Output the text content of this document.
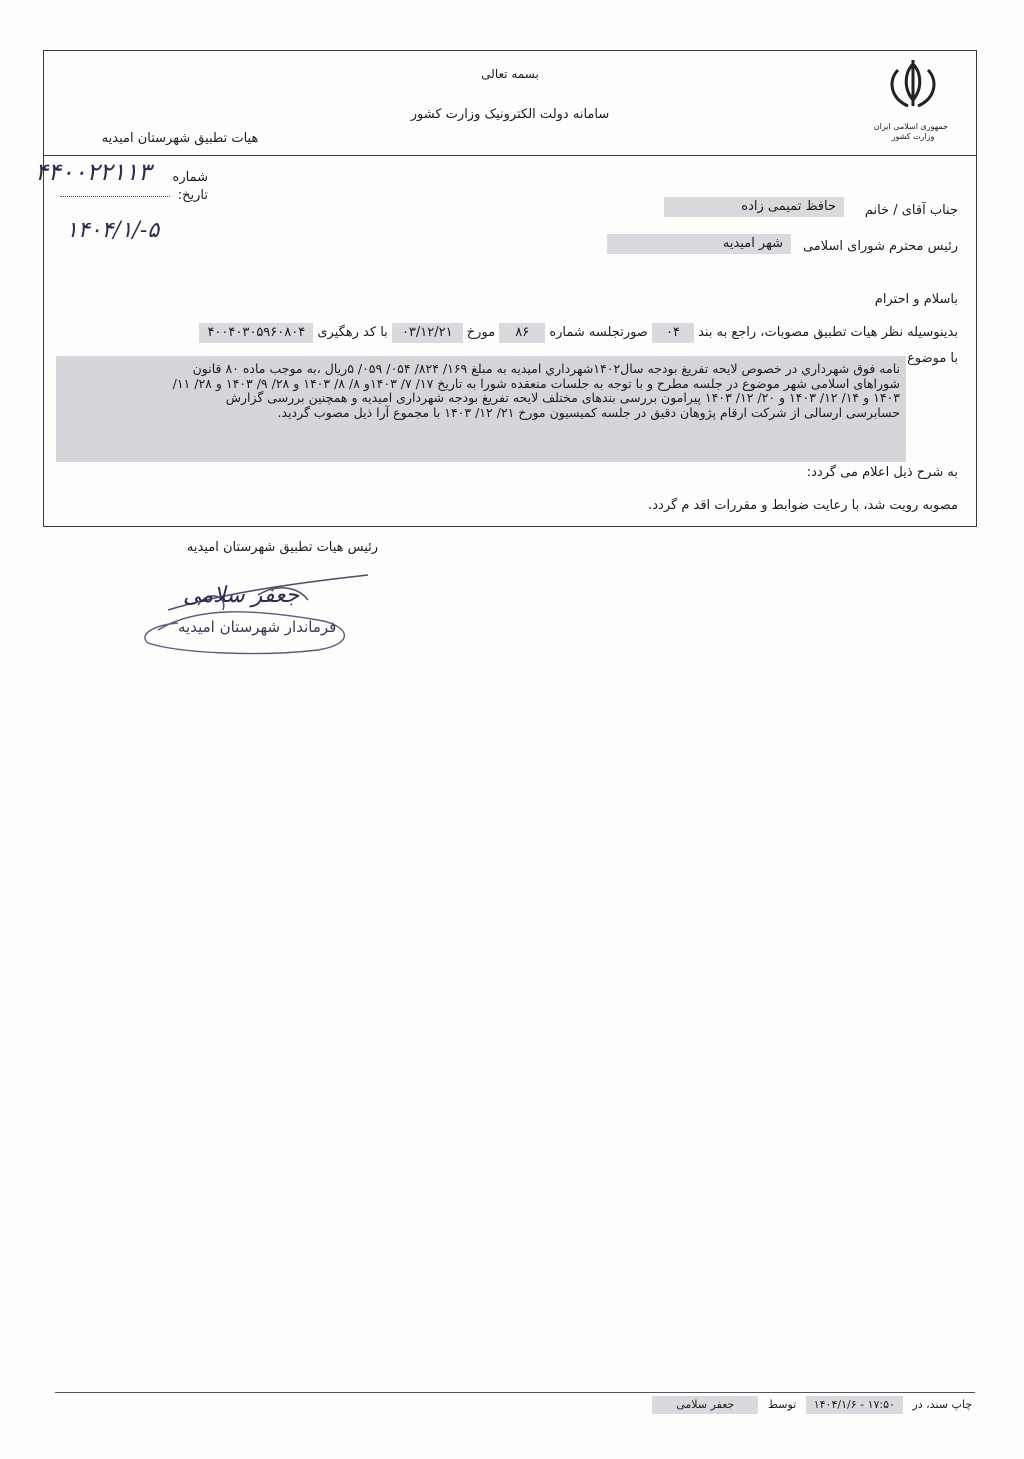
جمهوری اسلامی ایران
وزارت کشور
بسمه تعالی
سامانه دولت الکترونیک وزارت کشور
هیات تطبیق شهرستان امیدیه
شماره
تاریخ:
۴۴۰۰۲۲۱۱۳
۱۴۰۴/۱/-۵
جناب آقای / خانم
حافظ تمیمی زاده
رئیس محترم شورای اسلامی
شهر امیدیه
باسلام و احترام
بدینوسیله نظر هیات تطبیق مصوبات، راجع به بند ۰۴ صورتجلسه شماره ۸۶ مورخ ۰۳/۱۲/۲۱ با کد رهگیری ۴۰۰۴۰۳۰۵۹۶۰۸۰۴
با موضوع
نامه فوق شهرداري در خصوص لايحه تفريغ بودجه سال۱۴۰۲شهرداري اميديه به مبلغ ۱۶۹/ ۸۲۴/ ۰۵۴/ ۰۵۹/ ۵ريال ،به موجب ماده ۸۰ قانون
شوراهای اسلامی شهر موضوع در جلسه مطرح و با توجه به جلسات منعقده شورا به تاریخ ۱۷/ ۷/ ۱۴۰۳و ۸/ ۸/ ۱۴۰۳ و ۲۸/ ۹/ ۱۴۰۳ و ۲۸/ ۱۱/
۱۴۰۳ و ۱۴/ ۱۲/ ۱۴۰۳ و ۲۰/ ۱۲/ ۱۴۰۳ پیرامون بررسی بندهای مختلف لایحه تفریغ بودجه شهرداری امیدیه و همچنین بررسی گزارش
حسابرسی ارسالی از شرکت ارقام پژوهان دقیق در جلسه کمیسیون مورخ ۲۱/ ۱۲/ ۱۴۰۳ با مجموع آرا ذیل مصوب گردید.
به شرح ذیل اعلام می گردد:
مصوبه رويت شد، با رعايت ضوابط و مقررات اقد م گردد.
رئیس هیات تطبیق شهرستان امیدیه
جعفر سلامی
فرماندار شهرستان امیدیه
چاپ سند، در ۱۷:۵۰ - ۱۴۰۴/۱/۶ توسط جعفر سلامی
